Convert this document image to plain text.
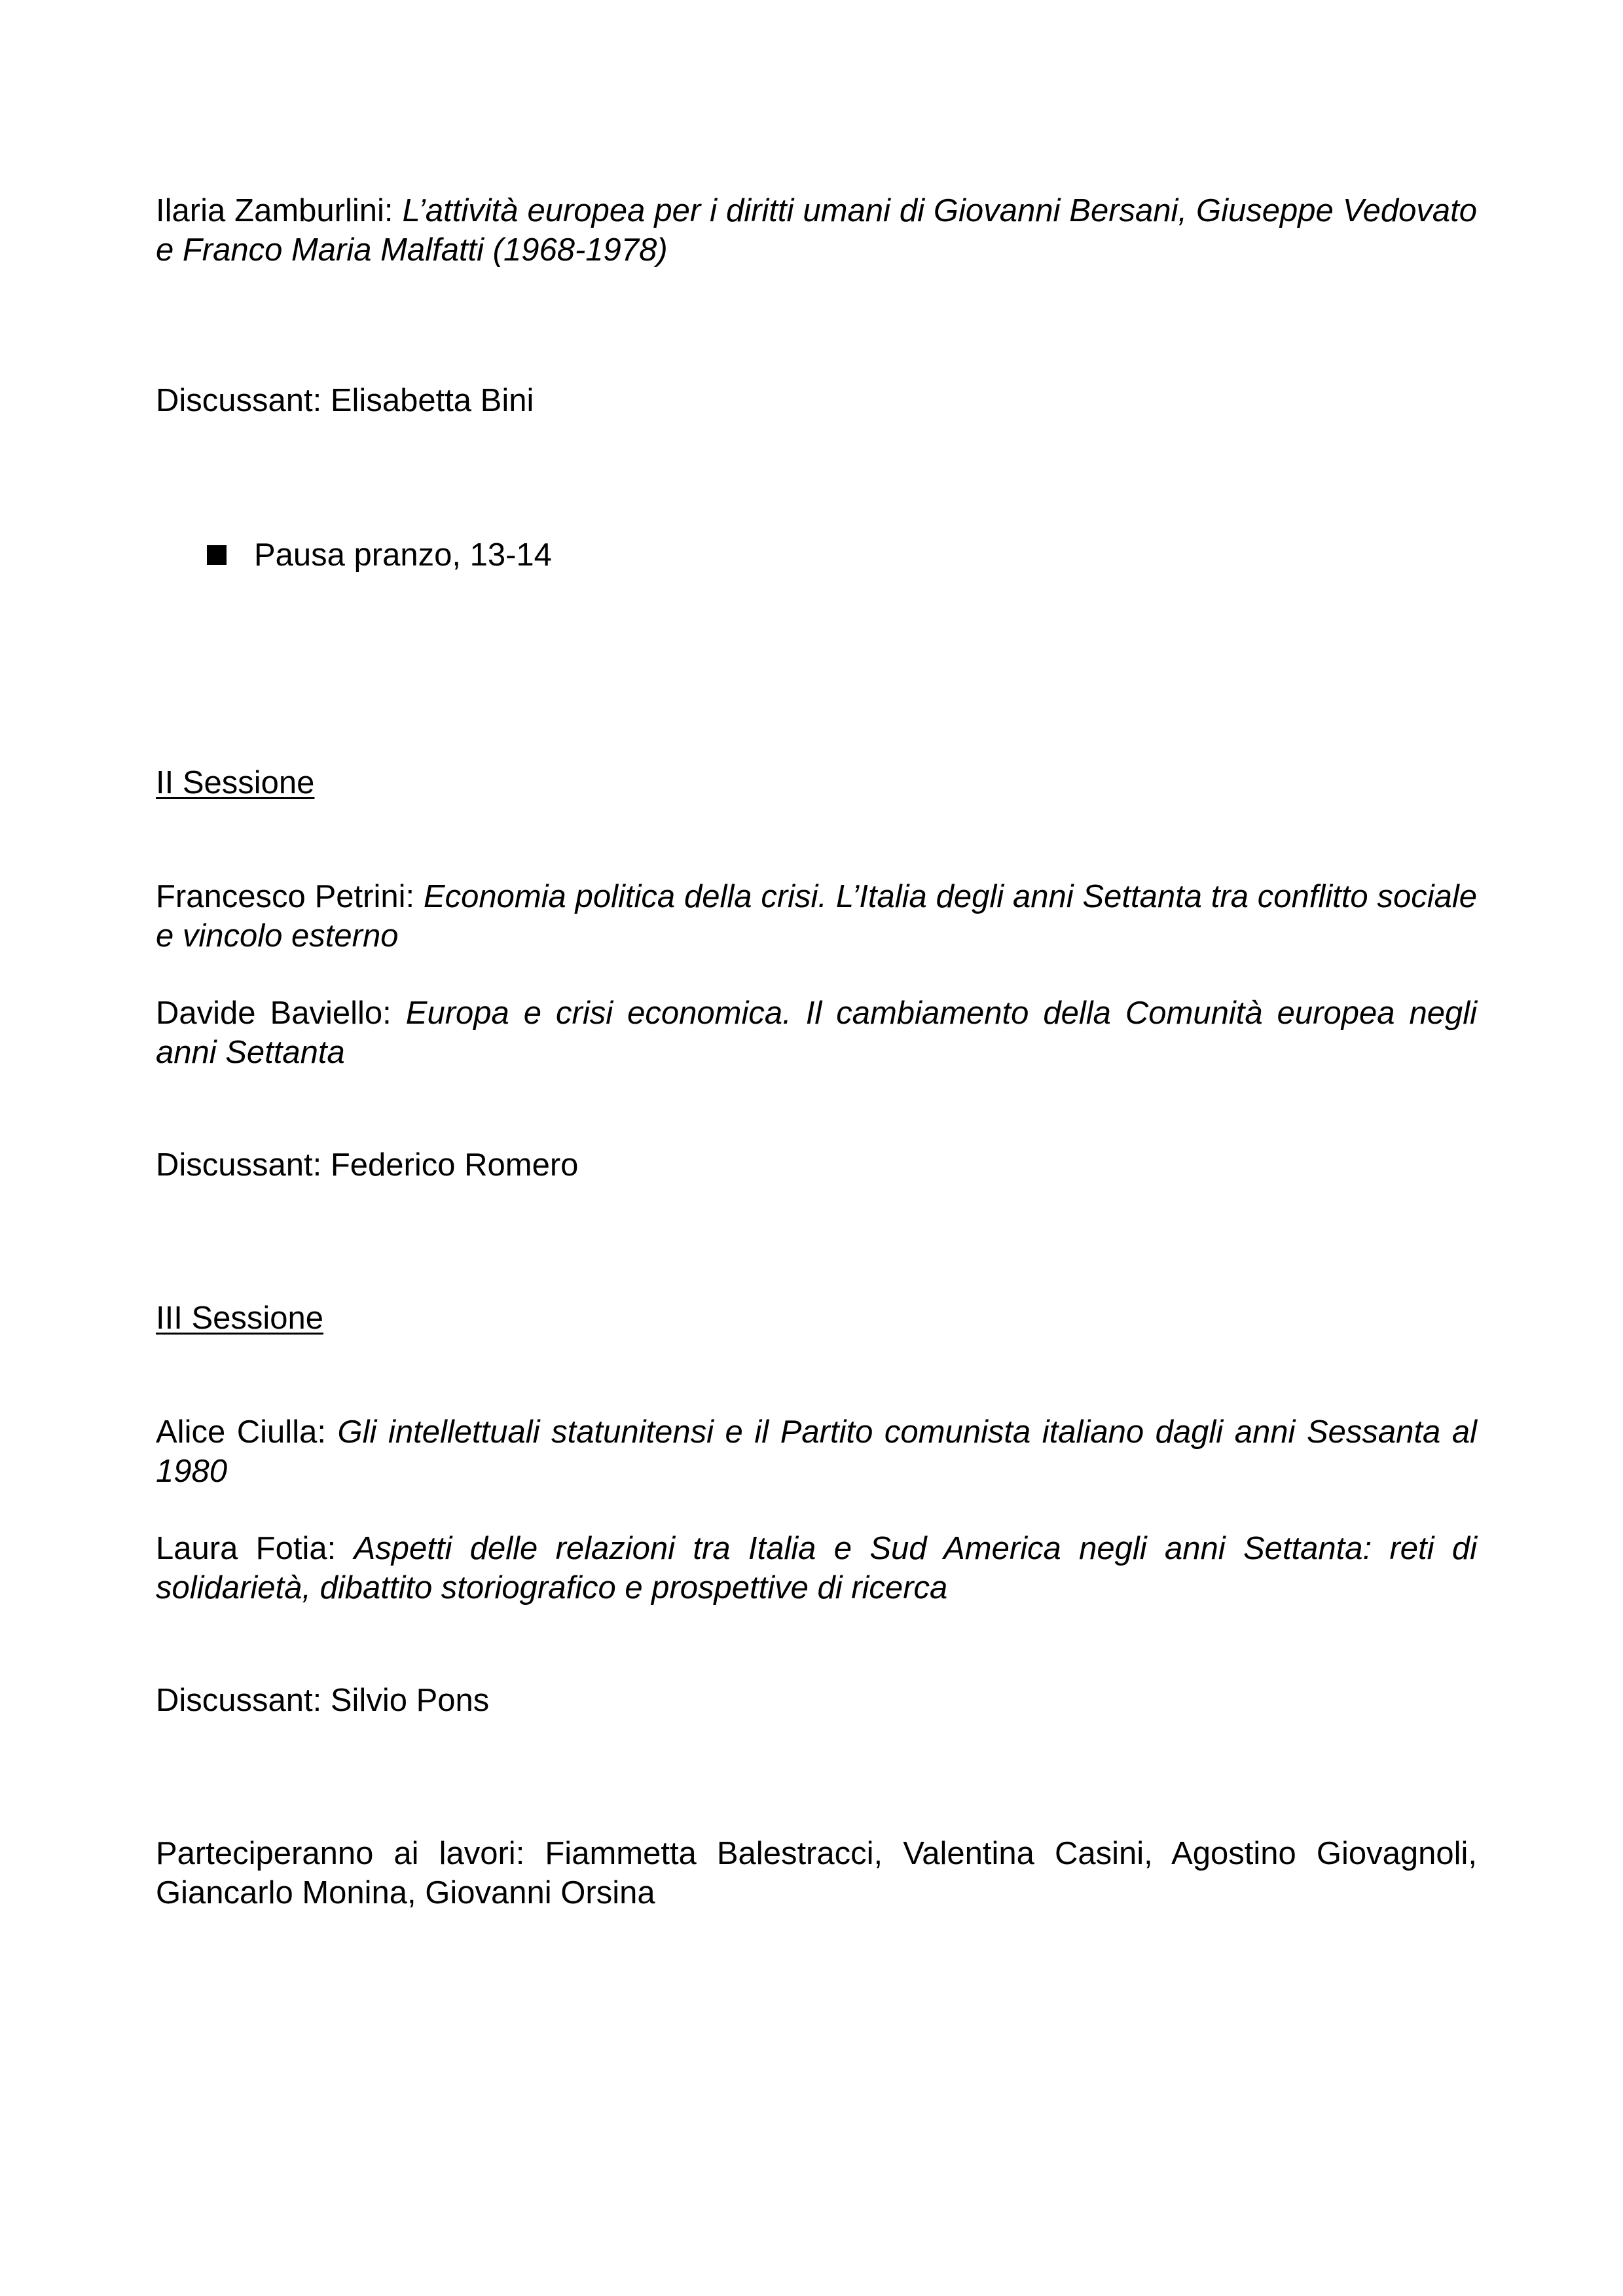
Ilaria Zamburlini: L’attività europea per i diritti umani di Giovanni Bersani, Giuseppe Vedovato e Franco Maria Malfatti (1968-1978)

Discussant: Elisabetta Bini

Pausa pranzo, 13-14

II Sessione

Francesco Petrini: Economia politica della crisi. L’Italia degli anni Settanta tra conflitto sociale e vincolo esterno

Davide Baviello: Europa e crisi economica. Il cambiamento della Comunità europea negli anni Settanta

Discussant: Federico Romero

III Sessione

Alice Ciulla: Gli intellettuali statunitensi e il Partito comunista italiano dagli anni Sessanta al 1980

Laura Fotia: Aspetti delle relazioni tra Italia e Sud America negli anni Settanta: reti di solidarietà, dibattito storiografico e prospettive di ricerca

Discussant: Silvio Pons

Parteciperanno ai lavori: Fiammetta Balestracci, Valentina Casini, Agostino Giovagnoli, Giancarlo Monina, Giovanni Orsina
